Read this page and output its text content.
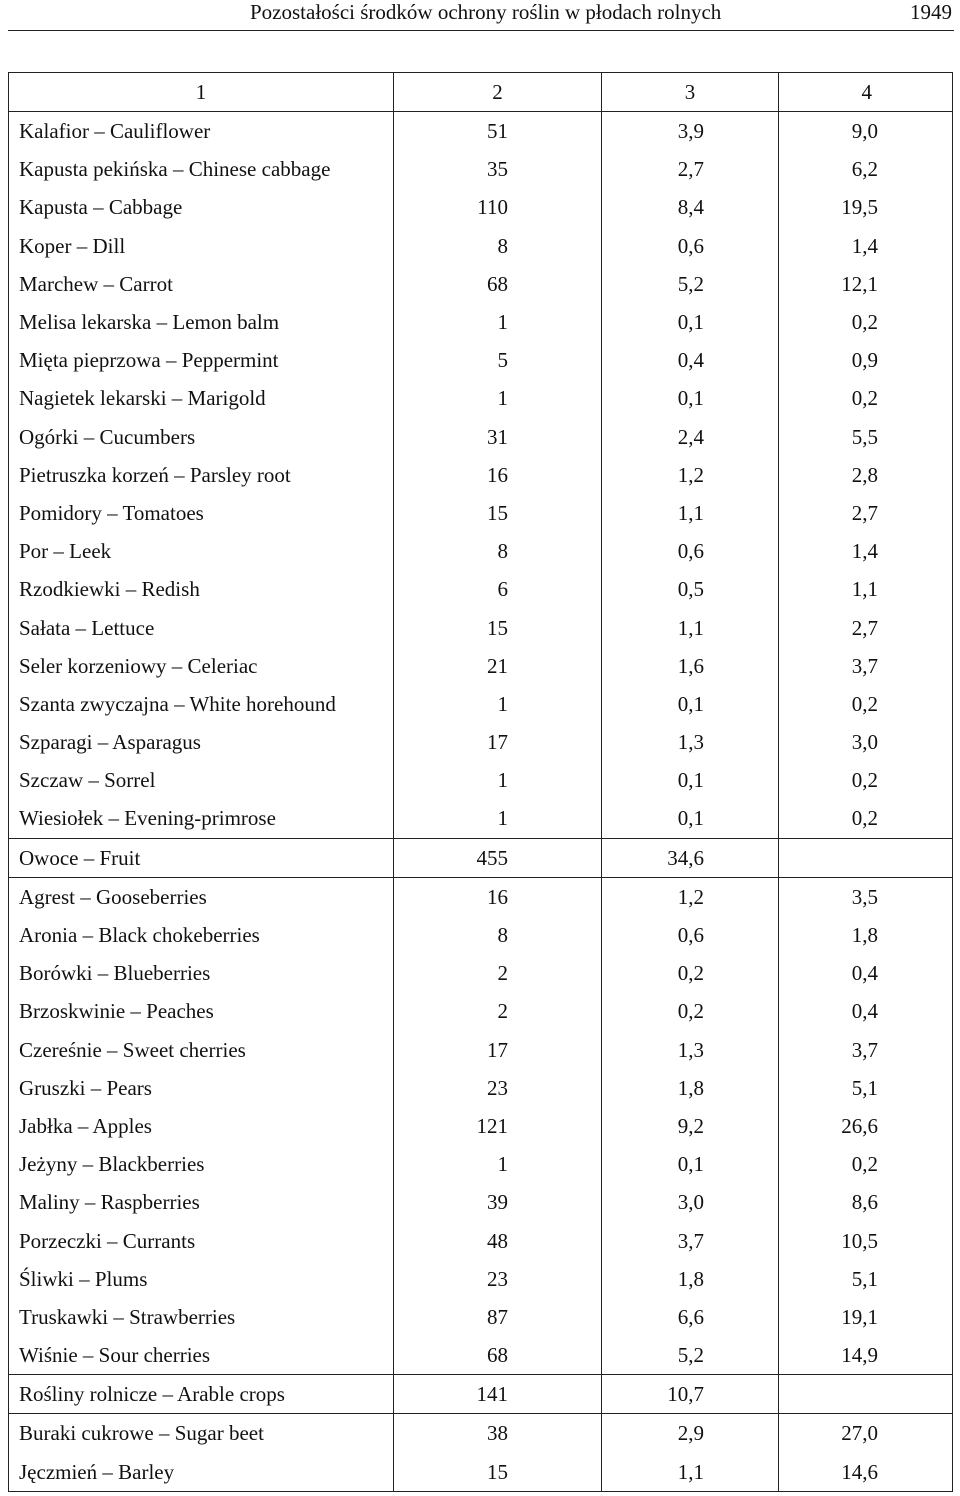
Pozostałości środków ochrony roślin w płodach rolnych	1949
1	2	3	4
Kalafior – Cauliflower	51	3,9	9,0
Kapusta pekińska – Chinese cabbage	35	2,7	6,2
Kapusta – Cabbage	110	8,4	19,5
Koper – Dill	8	0,6	1,4
Marchew – Carrot	68	5,2	12,1
Melisa lekarska – Lemon balm	1	0,1	0,2
Mięta pieprzowa – Peppermint	5	0,4	0,9
Nagietek lekarski – Marigold	1	0,1	0,2
Ogórki – Cucumbers	31	2,4	5,5
Pietruszka korzeń – Parsley root	16	1,2	2,8
Pomidory – Tomatoes	15	1,1	2,7
Por – Leek	8	0,6	1,4
Rzodkiewki – Redish	6	0,5	1,1
Sałata – Lettuce	15	1,1	2,7
Seler korzeniowy – Celeriac	21	1,6	3,7
Szanta zwyczajna – White horehound	1	0,1	0,2
Szparagi – Asparagus	17	1,3	3,0
Szczaw – Sorrel	1	0,1	0,2
Wiesiołek – Evening-primrose	1	0,1	0,2
Owoce – Fruit	455	34,6	
Agrest – Gooseberries	16	1,2	3,5
Aronia – Black chokeberries	8	0,6	1,8
Borówki – Blueberries	2	0,2	0,4
Brzoskwinie – Peaches	2	0,2	0,4
Czereśnie – Sweet cherries	17	1,3	3,7
Gruszki – Pears	23	1,8	5,1
Jabłka – Apples	121	9,2	26,6
Jeżyny – Blackberries	1	0,1	0,2
Maliny – Raspberries	39	3,0	8,6
Porzeczki – Currants	48	3,7	10,5
Śliwki – Plums	23	1,8	5,1
Truskawki – Strawberries	87	6,6	19,1
Wiśnie – Sour cherries	68	5,2	14,9
Rośliny rolnicze – Arable crops	141	10,7	
Buraki cukrowe – Sugar beet	38	2,9	27,0
Jęczmień – Barley	15	1,1	14,6
